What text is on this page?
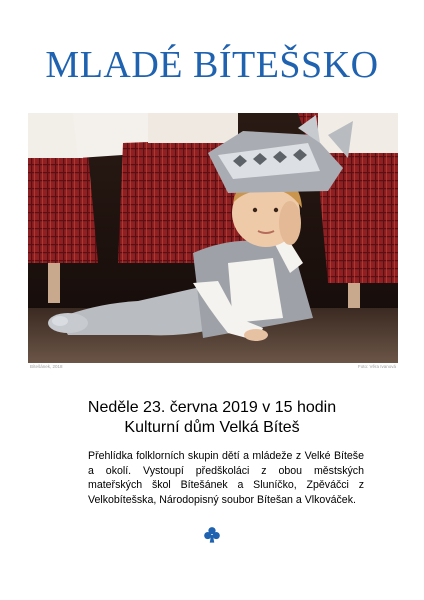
MLADÉ BÍTEŠSKO
Bítešánek, 2018	Foto: Věra Ivanová
Neděle 23. června 2019 v 15 hodin
Kulturní dům Velká Bíteš

Přehlídka folklorních skupin dětí a mládeže z Velké Bíteše a okolí. Vystoupí předškoláci z obou městských mateřských škol Bítešánek a Sluníčko, Zpěváčci z Velkobítešska, Národopisný soubor Bítešan a Vlkováček.
